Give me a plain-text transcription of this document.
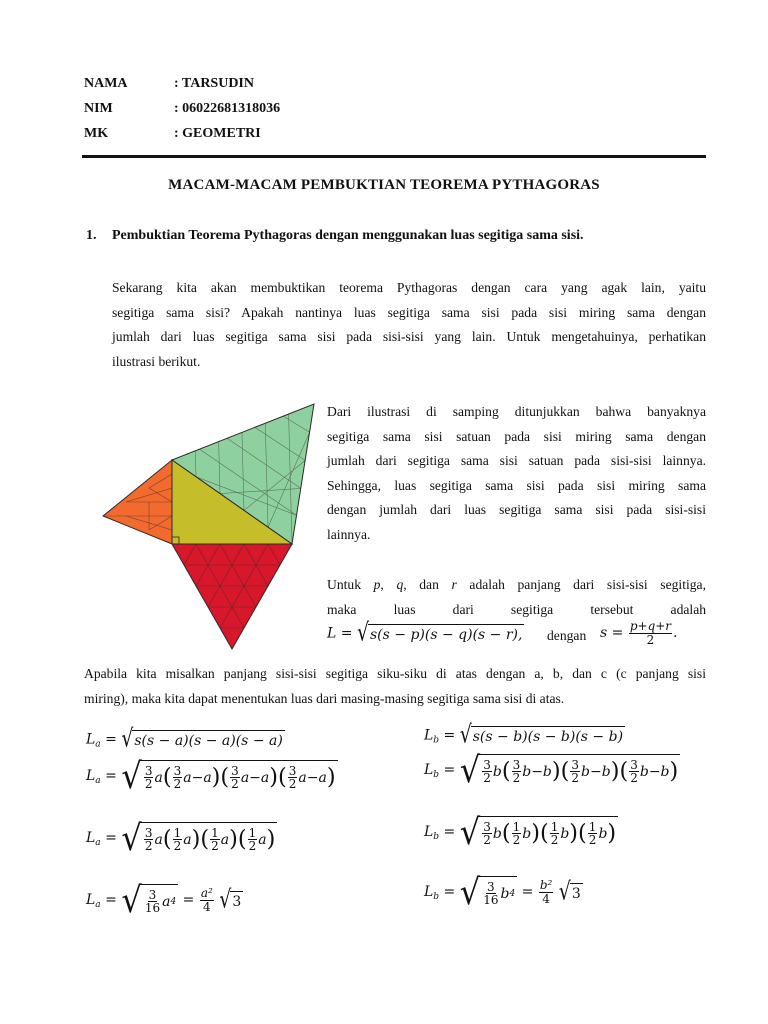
NAMA	: TARSUDIN
NIM	: 06022681318036
MK	: GEOMETRI
MACAM-MACAM PEMBUKTIAN TEOREMA PYTHAGORAS
1. Pembuktian Teorema Pythagoras dengan menggunakan luas segitiga sama sisi.
Sekarang kita akan membuktikan teorema Pythagoras dengan cara yang agak lain, yaitu
segitiga sama sisi? Apakah nantinya luas segitiga sama sisi pada sisi miring sama dengan
jumlah dari luas segitiga sama sisi pada sisi-sisi yang lain. Untuk mengetahuinya, perhatikan
ilustrasi berikut.
Dari ilustrasi di samping ditunjukkan bahwa banyaknya
segitiga sama sisi satuan pada sisi miring sama dengan
jumlah dari segitiga sama sisi satuan pada sisi-sisi lainnya.
Sehingga, luas segitiga sama sisi pada sisi miring sama
dengan jumlah dari luas segitiga sama sisi pada sisi-sisi
lainnya.
Untuk p, q, dan r adalah panjang dari sisi-sisi segitiga,
maka	luas	dari	segitiga	tersebut	adalah
L = √ s(s − p)(s − q)(s − r), dengan $s = \frac{p+q+r}{2}$ .
Apabila kita misalkan panjang sisi-sisi segitiga siku-siku di atas dengan a, b, dan c (c panjang sisi
miring), maka kita dapat menentukan luas dari masing-masing segitiga sama sisi di atas.
$L_a$ = √ s(s − a)(s − a)(s − a)
$L_a$ = √ $\frac{3}{2}$ a ( $\frac{3}{2}$ a − a ) ( $\frac{3}{2}$ a − a ) ( $\frac{3}{2}$ a − a )
$L_a$ = √ $\frac{3}{2}$ a ( $\frac{1}{2}$ a ) ( $\frac{1}{2}$ a ) ( $\frac{1}{2}$ a )
$L_a$ = √ $\frac{3}{16}$ a $4 = \frac{\text{a²}}{4}$
√ 3
$L_b$ = √ s(s − b)(s − b)(s − b)
$L_b$ = √ $\frac{3}{2}$ b ( $\frac{3}{2}$ b − b ) ( $\frac{3}{2}$ b − b ) ( $\frac{3}{2}$ b − b )
$L_b$ = √ $\frac{3}{2}$ b ( $\frac{1}{2}$ b ) ( $\frac{1}{2}$ b ) ( $\frac{1}{2}$ b )
$L_b$ = √ $\frac{3}{16}$ b $4 = \frac{\text{b²}}{4}$
√ 3
